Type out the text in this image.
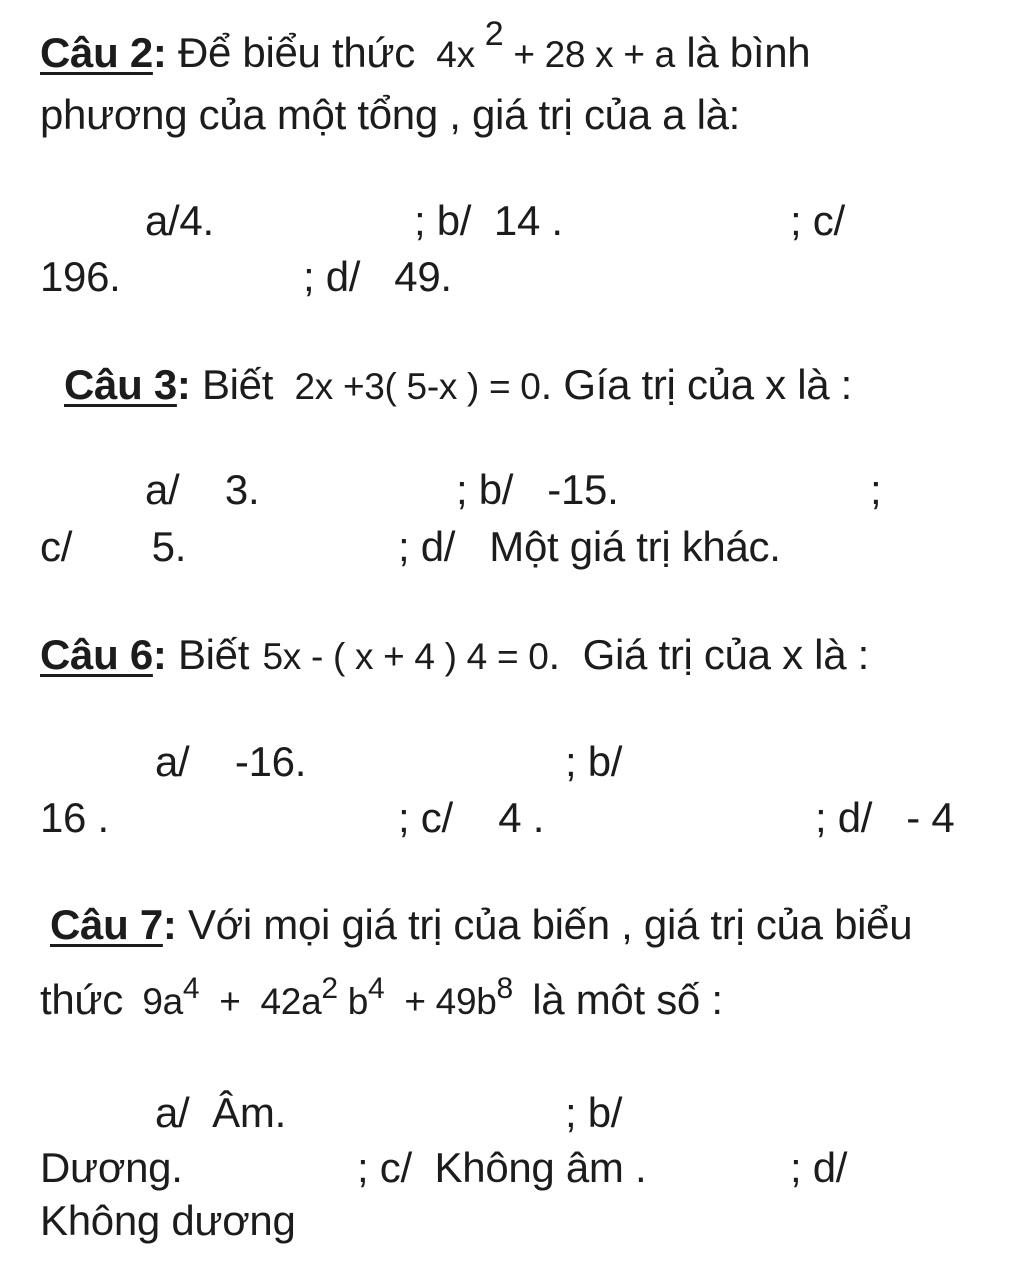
Câu 2: Để biểu thức 4x 2 + 28 x + a là bình
phương của một tổng , giá trị của a là:
a/4.	; b/  14 .	; c/
196.	; d/   49.
Câu 3: Biết 2x +3( 5-x ) = 0. Gía trị của x là :
a/    3.	; b/   -15.	;
c/       5.	; d/   Một giá trị khác.
Câu 6: Biết 5x - ( x + 4 ) 4 = 0.  Giá trị của x là :
a/    -16.	; b/
16 .	; c/    4 .	; d/   - 4
Câu 7: Với mọi giá trị của biến , giá trị của biểu
thức $9a^4 + 42a^2$ $b^4 + 49b^8$ là môt số :
a/  Âm.	; b/
Dương.	; c/  Không âm .	; d/
Không dương
